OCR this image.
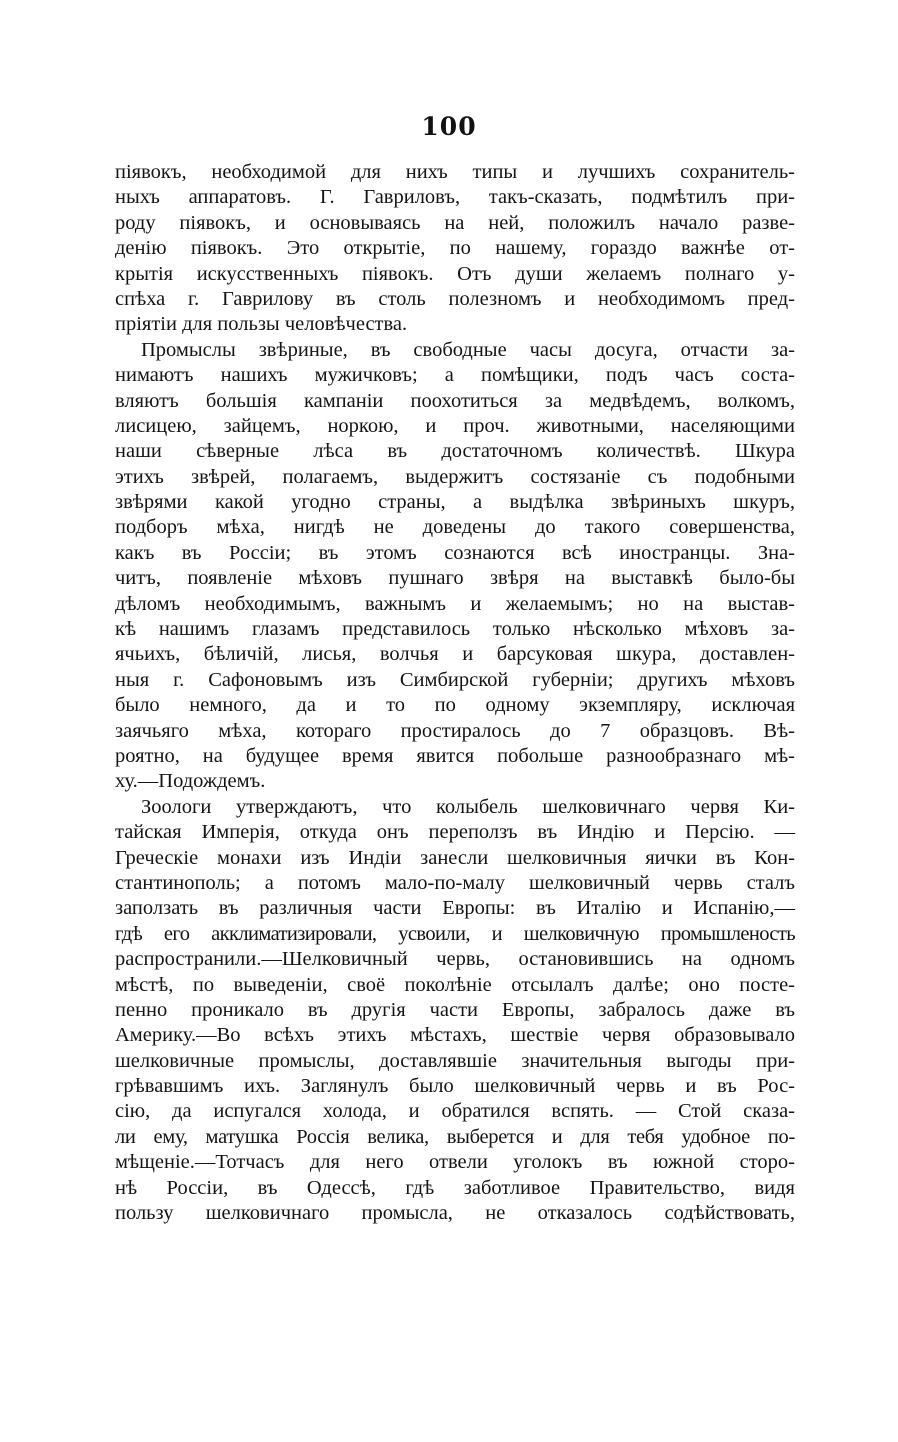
100
піявокъ, необходимой для нихъ типы и лучшихъ сохранитель-
ныхъ аппаратовъ. Г. Гавриловъ, такъ-сказать, подмѣтилъ при-
роду піявокъ, и основываясь на ней, положилъ начало разве-
денію піявокъ. Это открытіе, по нашему, гораздо важнѣе от-
крытія искусственныхъ піявокъ. Отъ души желаемъ полнаго у-
спѣха г. Гаврилову въ столь полезномъ и необходимомъ пред-
пріятіи для пользы человѣчества.
Промыслы звѣриные, въ свободные часы досуга, отчасти за-
нимаютъ нашихъ мужичковъ; а помѣщики, подъ часъ соста-
вляютъ большія кампаніи поохотиться за медвѣдемъ, волкомъ,
лисицею, зайцемъ, норкою, и проч. животными, населяющими
наши сѣверные лѣса въ достаточномъ количествѣ. Шкура
этихъ звѣрей, полагаемъ, выдержитъ состязаніе съ подобными
звѣрями какой угодно страны, а выдѣлка звѣриныхъ шкуръ,
подборъ мѣха, нигдѣ не доведены до такого совершенства,
какъ въ Россіи; въ этомъ сознаются всѣ иностранцы. Зна-
читъ, появленіе мѣховъ пушнаго звѣря на выставкѣ было-бы
дѣломъ необходимымъ, важнымъ и желаемымъ; но на выстав-
кѣ нашимъ глазамъ представилось только нѣсколько мѣховъ за-
ячьихъ, бѣличій, лисья, волчья и барсуковая шкура, доставлен-
ныя г. Сафоновымъ изъ Симбирской губерніи; другихъ мѣховъ
было немного, да и то по одному экземпляру, исключая
заячьяго мѣха, котораго простиралось до 7 образцовъ. Вѣ-
роятно, на будущее время явится побольше разнообразнаго мѣ-
ху.—Подождемъ.
Зоологи утверждаютъ, что колыбель шелковичнаго червя Ки-
тайская Имперія, откуда онъ переползъ въ Индію и Персію. —
Греческіе монахи изъ Индіи занесли шелковичныя яички въ Кон-
стантинополь; а потомъ мало-по-малу шелковичный червь сталъ
заползать въ различныя части Европы: въ Италію и Испанію,—
гдѣ его акклиматизировали, усвоили, и шелковичную промышленость
распространили.—Шелковичный червь, остановившись на одномъ
мѣстѣ, по выведеніи, своё поколѣніе отсылалъ далѣе; оно посте-
пенно проникало въ другія части Европы, забралось даже въ
Америку.—Во всѣхъ этихъ мѣстахъ, шествіе червя образовывало
шелковичные промыслы, доставлявшіе значительныя выгоды при-
грѣвавшимъ ихъ. Заглянулъ было шелковичный червь и въ Рос-
сію, да испугался холода, и обратился вспять. — Стой сказа-
ли ему, матушка Россія велика, выберется и для тебя удобное по-
мѣщеніе.—Тотчасъ для него отвели уголокъ въ южной сторо-
нѣ Россіи, въ Одессѣ, гдѣ заботливое Правительство, видя
пользу шелковичнаго промысла, не отказалось содѣйствовать,
